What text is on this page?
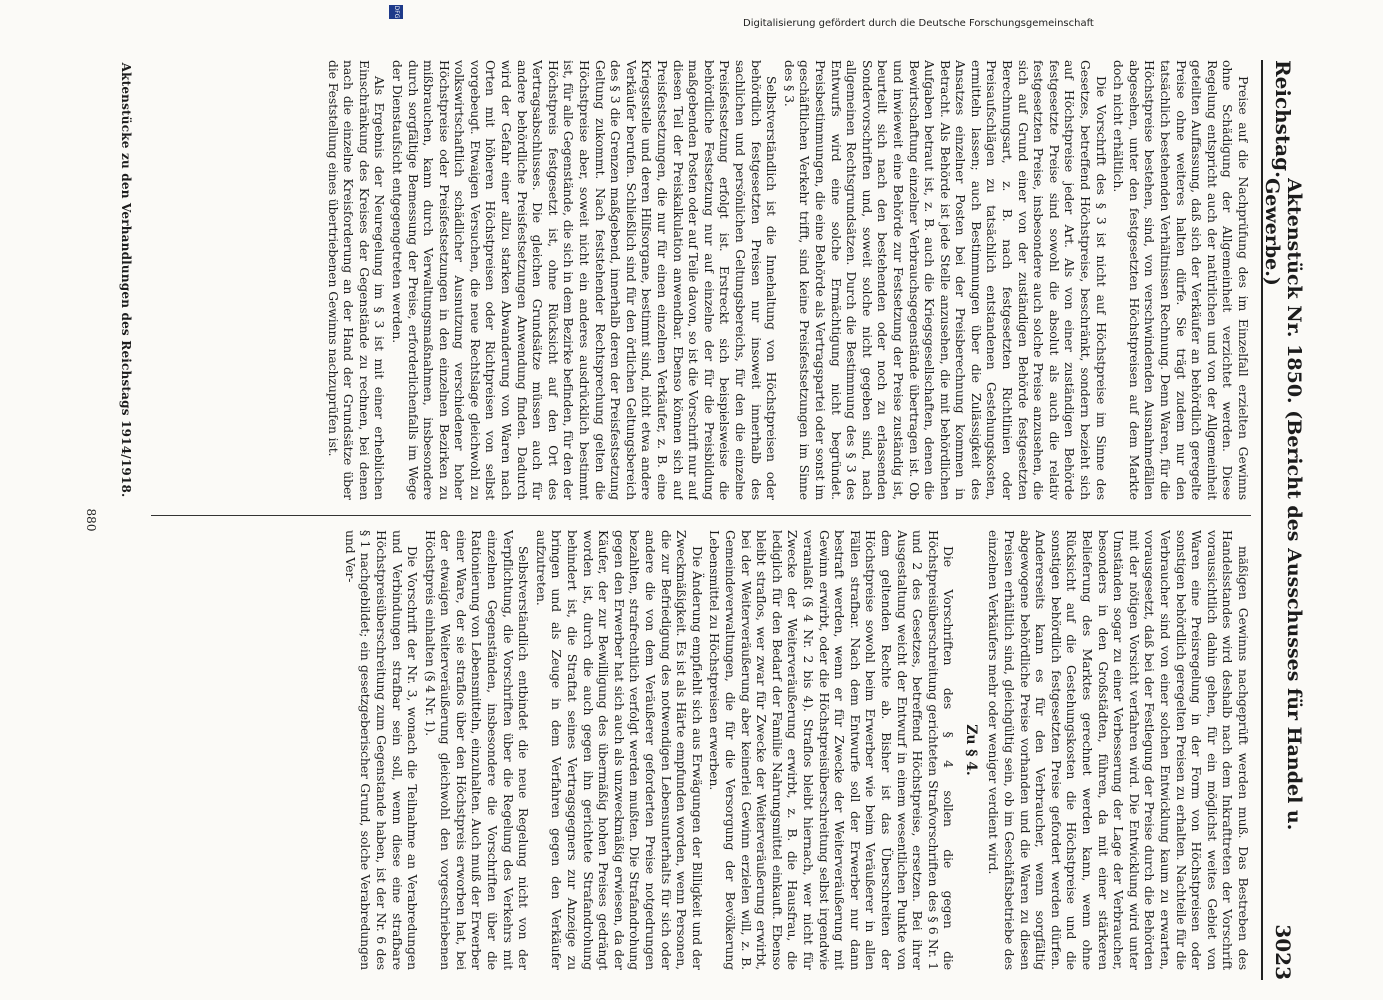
Digitalisierung gefördert durch die Deutsche Forschungsgemeinschaft
DFG
Reichstag.
Aktenstück Nr. 1850. (Bericht des Ausschusses für Handel u. Gewerbe.)
3023

Preise auf die Nachprüfung des im Einzelfall erzielten Gewinns ohne Schädigung der Allgemeinheit verzichtet werden. Diese Regelung entspricht auch der natürlichen und von der Allgemeinheit geteilten Auffassung, daß sich der Verkäufer an behördlich geregelte Preise ohne weiteres halten dürfe. Sie trägt zudem nur den tatsächlich bestehenden Verhältnissen Rechnung. Denn Waren, für die Höchstpreise bestehen, sind, von verschwindenden Ausnahmefällen abgesehen, unter den festgesetzten Höchstpreisen auf dem Markte doch nicht erhältlich.

Die Vorschrift des § 3 ist nicht auf Höchstpreise im Sinne des Gesetzes, betreffend Höchstpreise, beschränkt, sondern bezieht sich auf Höchstpreise jeder Art. Als von einer zuständigen Behörde festgesetzte Preise sind sowohl die absolut als auch die relativ festgesetzten Preise, insbesondere auch solche Preise anzusehen, die sich auf Grund einer von der zuständigen Behörde festgesetzten Berechnungsart, z. B. nach festgesetzten Richtlinien oder Preisaufschlägen zu tatsächlich entstandenen Gestehungskosten, ermitteln lassen; auch Bestimmungen über die Zulässigkeit des Ansatzes einzelner Posten bei der Preisberechnung kommen in Betracht. Als Behörde ist jede Stelle anzusehen, die mit behördlichen Aufgaben betraut ist, z. B. auch die Kriegsgesellschaften, denen die Bewirtschaftung einzelner Verbrauchsgegenstände übertragen ist. Ob und inwieweit eine Behörde zur Festsetzung der Preise zuständig ist, beurteilt sich nach den bestehenden oder noch zu erlassenden Sondervorschriften und, soweit solche nicht gegeben sind, nach allgemeinen Rechtsgrundsätzen. Durch die Bestimmung des § 3 des Entwurfs wird eine solche Ermächtigung nicht begründet. Preisbestimmungen, die eine Behörde als Vertragspartei oder sonst im geschäftlichen Verkehr trifft, sind keine Preisfestsetzungen im Sinne des § 3.

Selbstverständlich ist die Innehaltung von Höchstpreisen oder behördlich festgesetzten Preisen nur insoweit innerhalb des sachlichen und persönlichen Geltungsbereichs, für den die einzelne Preisfestsetzung erfolgt ist. Erstreckt sich beispielsweise die behördliche Festsetzung nur auf einzelne der für die Preisbildung maßgebenden Posten oder auf Teile davon, so ist die Vorschrift nur auf diesen Teil der Preiskalkulation anwendbar. Ebenso können sich auf Preisfestsetzungen, die nur für einen einzelnen Verkäufer, z. B. eine Kriegsstelle und deren Hilfsorgane, bestimmt sind, nicht etwa andere Verkäufer berufen. Schließlich sind für den örtlichen Geltungsbereich des § 3 die Grenzen maßgebend, innerhalb deren der Preisfestsetzung Geltung zukommt. Nach feststehender Rechtsprechung gelten die Höchstpreise aber, soweit nicht ein anderes ausdrücklich bestimmt ist, für alle Gegenstände, die sich in dem Bezirke befinden, für den der Höchstpreis festgesetzt ist, ohne Rücksicht auf den Ort des Vertragsabschlusses. Die gleichen Grundsätze müssen auch für andere behördliche Preisfestsetzungen Anwendung finden. Dadurch wird der Gefahr einer allzu starken Abwanderung von Waren nach Orten mit höheren Höchstpreisen oder Richtpreisen von selbst vorgebeugt. Etwaigen Versuchen, die neue Rechtslage gleichwohl zu volkswirtschaftlich schädlicher Ausnutzung verschiedener hoher Höchstpreise oder Preisfestsetzungen in den einzelnen Bezirken zu mißbrauchen, kann durch Verwaltungsmaßnahmen, insbesondere durch sorgfältige Bemessung der Preise, erforderlichenfalls im Wege der Dienstaufsicht entgegengetreten werden.

Als Ergebnis der Neuregelung im § 3 ist mit einer erheblichen Einschränkung des Kreises der Gegenstände zu rechnen, bei denen nach die einzelne Kreisforderung an der Hand der Grundsätze über die Feststellung eines übertriebenen Gewinns nachzuprüfen ist.

mäßigen Gewinns nachgeprüft werden muß. Das Bestreben des Handelsstandes wird deshalb nach dem Inkrafttreten der Vorschrift voraussichtlich dahin gehen, für ein möglichst weites Gebiet von Waren eine Preisregelung in der Form von Höchstpreisen oder sonstigen behördlich geregelten Preisen zu erhalten. Nachteile für die Verbraucher sind von einer solchen Entwicklung kaum zu erwarten, vorausgesetzt, daß bei der Festlegung der Preise durch die Behörden mit der nötigen Vorsicht verfahren wird. Die Entwicklung wird unter Umständen sogar zu einer Verbesserung der Lage der Verbraucher, besonders in den Großstädten, führen, da mit einer stärkeren Belieferung des Marktes gerechnet werden kann, wenn ohne Rücksicht auf die Gestehungskosten die Höchstpreise und die sonstigen behördlich festgesetzten Preise gefordert werden dürfen. Andererseits kann es für den Verbraucher, wenn sorgfältig abgewogene behördliche Preise vorhanden und die Waren zu diesen Preisen erhältlich sind, gleichgültig sein, ob im Geschäftsbetriebe des einzelnen Verkäufers mehr oder weniger verdient wird.

Zu § 4.

Die Vorschriften des § 4 sollen die gegen die Höchstpreisüberschreitung gerichteten Strafvorschriften des § 6 Nr. 1 und 2 des Gesetzes, betreffend Höchstpreise, ersetzen. Bei ihrer Ausgestaltung weicht der Entwurf in einem wesentlichen Punkte von dem geltenden Rechte ab. Bisher ist das Überschreiten der Höchstpreise sowohl beim Erwerber wie beim Veräußerer in allen Fällen strafbar. Nach dem Entwurfe soll der Erwerber nur dann bestraft werden, wenn er für Zwecke der Weiterveräußerung mit Gewinn erwirbt, oder die Höchstpreisüberschreitung selbst irgendwie veranlaßt (§ 4 Nr. 2 bis 4). Straflos bleibt hiernach, wer nicht für Zwecke der Weiterveräußerung erwirbt, z. B. die Hausfrau, die lediglich für den Bedarf der Familie Nahrungsmittel einkauft. Ebenso bleibt straflos, wer zwar für Zwecke der Weiterveräußerung erwirbt, bei der Weiterveräußerung aber keinerlei Gewinn erzielen will, z. B. Gemeindeverwaltungen, die für die Versorgung der Bevölkerung Lebensmittel zu Höchstpreisen erwerben.

Die Änderung empfiehlt sich aus Erwägungen der Billigkeit und der Zweckmäßigkeit. Es ist als Härte empfunden worden, wenn Personen, die zur Befriedigung des notwendigen Lebensunterhalts für sich oder andere die von dem Veräußerer geforderten Preise notgedrungen bezahlten, strafrechtlich verfolgt werden mußten. Die Strafandrohung gegen den Erwerber hat sich auch als unzweckmäßig erwiesen, da der Käufer, der zur Bewilligung des übermäßig hohen Preises gedrängt worden ist, durch die auch gegen ihn gerichtete Strafandrohung behindert ist, die Straftat seines Vertragsgegners zur Anzeige zu bringen und als Zeuge in dem Verfahren gegen den Verkäufer aufzutreten.

Selbstverständlich entbindet die neue Regelung nicht von der Verpflichtung, die Vorschriften über die Regelung des Verkehrs mit einzelnen Gegenständen, insbesondere die Vorschriften über die Rationierung von Lebensmitteln, einzuhalten. Auch muß der Erwerber einer Ware, der sie straflos über den Höchstpreis erworben hat, bei der etwaigen Weiterveräußerung gleichwohl den vorgeschriebenen Höchstpreis einhalten (§ 4 Nr. 1).

Die Vorschrift der Nr. 3, wonach die Teilnahme an Verabredungen und Verbindungen strafbar sein soll, wenn diese eine strafbare Höchstpreisüberschreitung zum Gegenstande haben, ist der Nr. 6 des § 1 nachgebildet; ein gesetzgeberischer Grund, solche Verabredungen und Ver-

Aktenstücke zu den Verhandlungen des Reichstags 1914/1918.
880
